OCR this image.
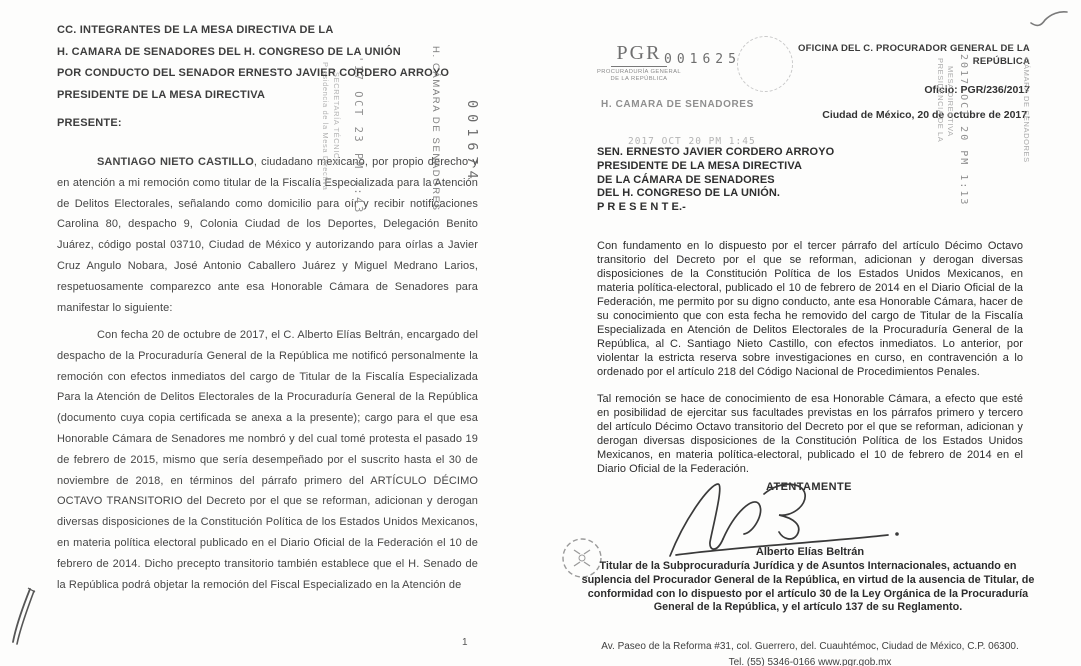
CC. INTEGRANTES DE LA MESA DIRECTIVA DE LA
H. CAMARA DE SENADORES DEL H. CONGRESO DE LA UNIÓN
POR CONDUCTO DEL SENADOR ERNESTO JAVIER CORDERO ARROYO
PRESIDENTE DE LA MESA DIRECTIVA
PRESENTE:
SANTIAGO NIETO CASTILLO, ciudadano mexicano, por propio derecho y en atención a mi remoción como titular de la Fiscalía Especializada para la Atención de Delitos Electorales, señalando como domicilio para oír y recibir notificaciones Carolina 80, despacho 9, Colonia Ciudad de los Deportes, Delegación Benito Juárez, código postal 03710, Ciudad de México y autorizando para oírlas a Javier Cruz Angulo Nobara, José Antonio Caballero Juárez y Miguel Medrano Larios, respetuosamente comparezco ante esa Honorable Cámara de Senadores para manifestar lo siguiente:
Con fecha 20 de octubre de 2017, el C. Alberto Elías Beltrán, encargado del despacho de la Procuraduría General de la República me notificó personalmente la remoción con efectos inmediatos del cargo de Titular de la Fiscalía Especializada Para la Atención de Delitos Electorales de la Procuraduría General de la República (documento cuya copia certificada se anexa a la presente); cargo para el que esa Honorable Cámara de Senadores me nombró y del cual tomé protesta el pasado 19 de febrero de 2015, mismo que sería desempeñado por el suscrito hasta el 30 de noviembre de 2018, en términos del párrafo primero del ARTÍCULO DÉCIMO OCTAVO TRANSITORIO del Decreto por el que se reforman, adicionan y derogan diversas disposiciones de la Constitución Política de los Estados Unidos Mexicanos, en materia política electoral publicado en el Diario Oficial de la Federación el 10 de febrero de 2014. Dicho precepto transitorio también establece que el H. Senado de la República podrá objetar la remoción del Fiscal Especializado en la Atención de
1
Presidencia de la Mesa Directiva SECRETARÍA TÉCNICA '17 OCT 23 PM 1:43	H. CÁMARA DE SENADORES 001674
PGR
PROCURADURÍA GENERAL
DE LA REPÚBLICA
001625
H. CAMARA DE SENADORES
OFICINA DEL C. PROCURADOR GENERAL DE LA
REPÚBLICA
Oficio: PGR/236/2017
Ciudad de México, 20 de octubre de 2017.
PRESIDENCIA DE LA MESA DIRECTIVA 2017 OCT 20 PM 1:13	CÁMARA DE SENADORES
2017 OCT 20 PM 1:45
SEN. ERNESTO JAVIER CORDERO ARROYO
PRESIDENTE DE LA MESA DIRECTIVA
DE LA CÁMARA DE SENADORES
DEL H. CONGRESO DE LA UNIÓN.
P R E S E N T E.-
Con fundamento en lo dispuesto por el tercer párrafo del artículo Décimo Octavo transitorio del Decreto por el que se reforman, adicionan y derogan diversas disposiciones de la Constitución Política de los Estados Unidos Mexicanos, en materia política-electoral, publicado el 10 de febrero de 2014 en el Diario Oficial de la Federación, me permito por su digno conducto, ante esa Honorable Cámara, hacer de su conocimiento que con esta fecha he removido del cargo de Titular de la Fiscalía Especializada en Atención de Delitos Electorales de la Procuraduría General de la República, al C. Santiago Nieto Castillo, con efectos inmediatos. Lo anterior, por violentar la estricta reserva sobre investigaciones en curso, en contravención a lo ordenado por el artículo 218 del Código Nacional de Procedimientos Penales.
Tal remoción se hace de conocimiento de esa Honorable Cámara, a efecto que esté en posibilidad de ejercitar sus facultades previstas en los párrafos primero y tercero del artículo Décimo Octavo transitorio del Decreto por el que se reforman, adicionan y derogan diversas disposiciones de la Constitución Política de los Estados Unidos Mexicanos, en materia política-electoral, publicado el 10 de febrero de 2014 en el Diario Oficial de la Federación.
ATENTAMENTE
Alberto Elías Beltrán
Titular de la Subprocuraduría Jurídica y de Asuntos Internacionales, actuando en suplencia del Procurador General de la República, en virtud de la ausencia de Titular, de conformidad con lo dispuesto por el artículo 30 de la Ley Orgánica de la Procuraduría General de la República, y el artículo 137 de su Reglamento.
Av. Paseo de la Reforma #31, col. Guerrero, del. Cuauhtémoc, Ciudad de México, C.P. 06300.
Tel. (55) 5346-0166 www.pgr.gob.mx
